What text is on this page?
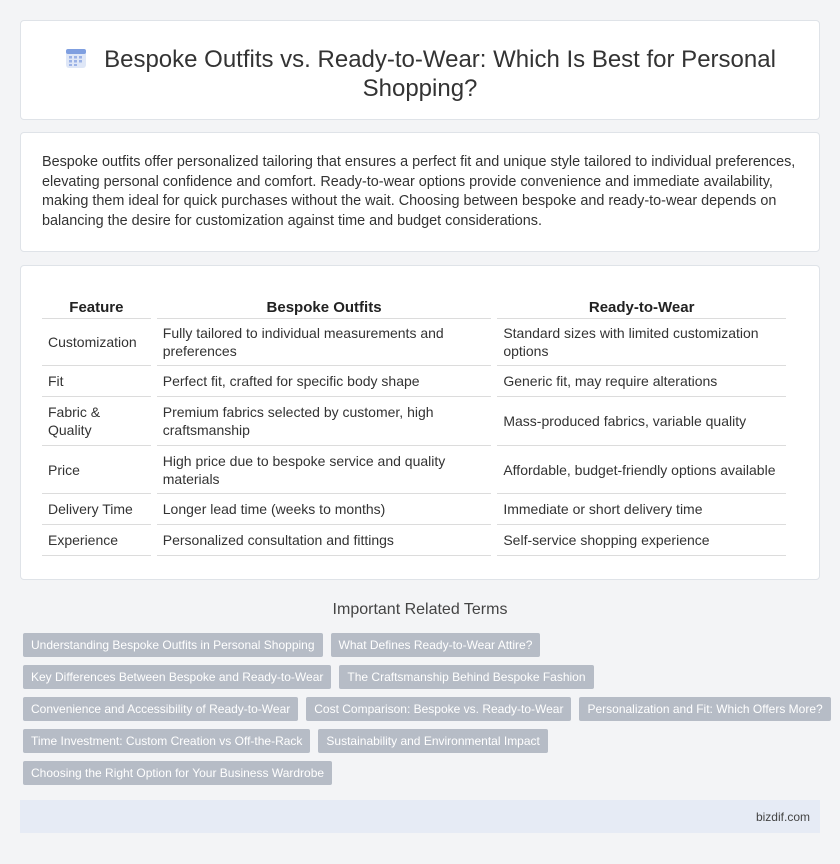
Bespoke Outfits vs. Ready-to-Wear: Which Is Best for Personal Shopping?

Bespoke outfits offer personalized tailoring that ensures a perfect fit and unique style tailored to individual preferences, elevating personal confidence and comfort. Ready-to-wear options provide convenience and immediate availability, making them ideal for quick purchases without the wait. Choosing between bespoke and ready-to-wear depends on balancing the desire for customization against time and budget considerations.

Feature	Bespoke Outfits	Ready-to-Wear
Customization	Fully tailored to individual measurements and preferences	Standard sizes with limited customization options
Fit	Perfect fit, crafted for specific body shape	Generic fit, may require alterations
Fabric & Quality	Premium fabrics selected by customer, high craftsmanship	Mass-produced fabrics, variable quality
Price	High price due to bespoke service and quality materials	Affordable, budget-friendly options available
Delivery Time	Longer lead time (weeks to months)	Immediate or short delivery time
Experience	Personalized consultation and fittings	Self-service shopping experience
Important Related Terms
Understanding Bespoke Outfits in Personal Shopping	What Defines Ready-to-Wear Attire?
Key Differences Between Bespoke and Ready-to-Wear	The Craftsmanship Behind Bespoke Fashion
Convenience and Accessibility of Ready-to-Wear	Cost Comparison: Bespoke vs. Ready-to-Wear	Personalization and Fit: Which Offers More?
Time Investment: Custom Creation vs Off-the-Rack	Sustainability and Environmental Impact
Choosing the Right Option for Your Business Wardrobe
bizdif.com
